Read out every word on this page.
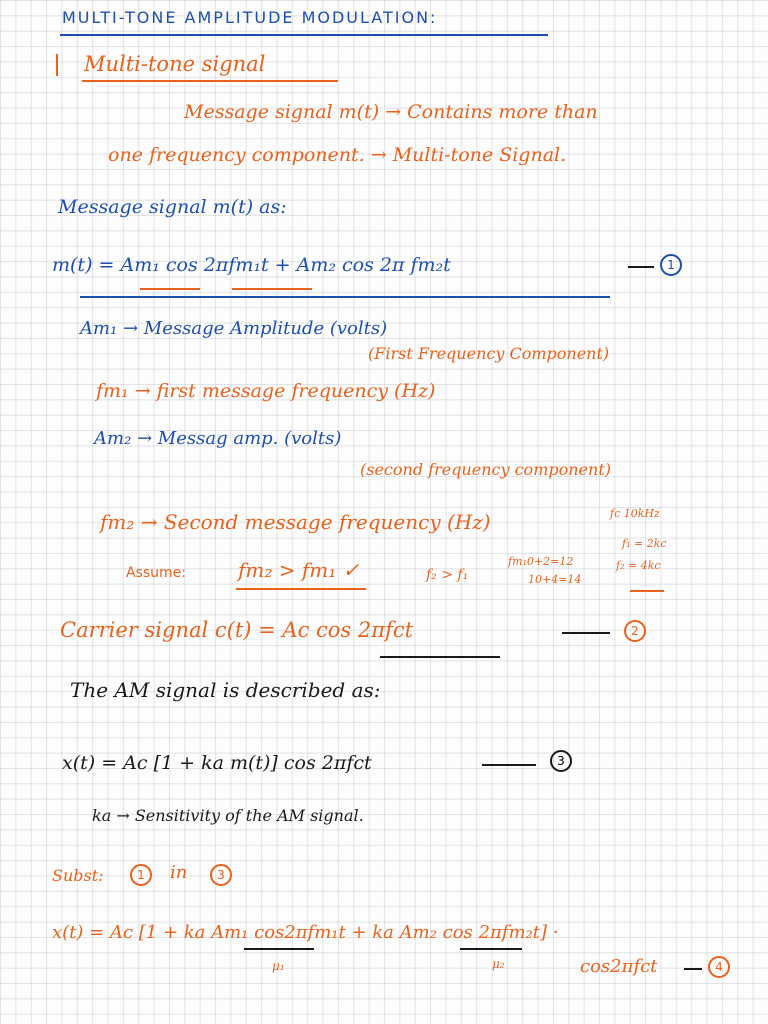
MULTI-TONE AMPLITUDE MODULATION:
Multi-tone signal
Message signal m(t) → Contains more than
one frequency component. → Multi-tone Signal.
Message signal m(t) as:
m(t) = Am₁ cos 2πfm₁t + Am₂ cos 2π fm₂t	1
Am₁ → Message Amplitude (volts)
(First Frequency Component)
fm₁ → first message frequency (Hz)
Am₂ → Messag amp. (volts)
(second frequency component)
fm₂ → Second message frequency (Hz)	fc 10kHz
f₁ = 2kc
f₂ = 4kc
fm₁0+2=12
10+4=14
Assume:	fm₂ > fm₁ ✓	f₂ > f₁
Carrier signal c(t) = Ac cos 2πfct	2
The AM signal is described as:
x(t) = Ac [1 + ka m(t)] cos 2πfct	3
ka → Sensitivity of the AM signal.
Subst:	1	in	3
x(t) = Ac [1 + ka Am₁ cos2πfm₁t + ka Am₂ cos 2πfm₂t] ·
μ₁	μ₂	cos2πfct	4
